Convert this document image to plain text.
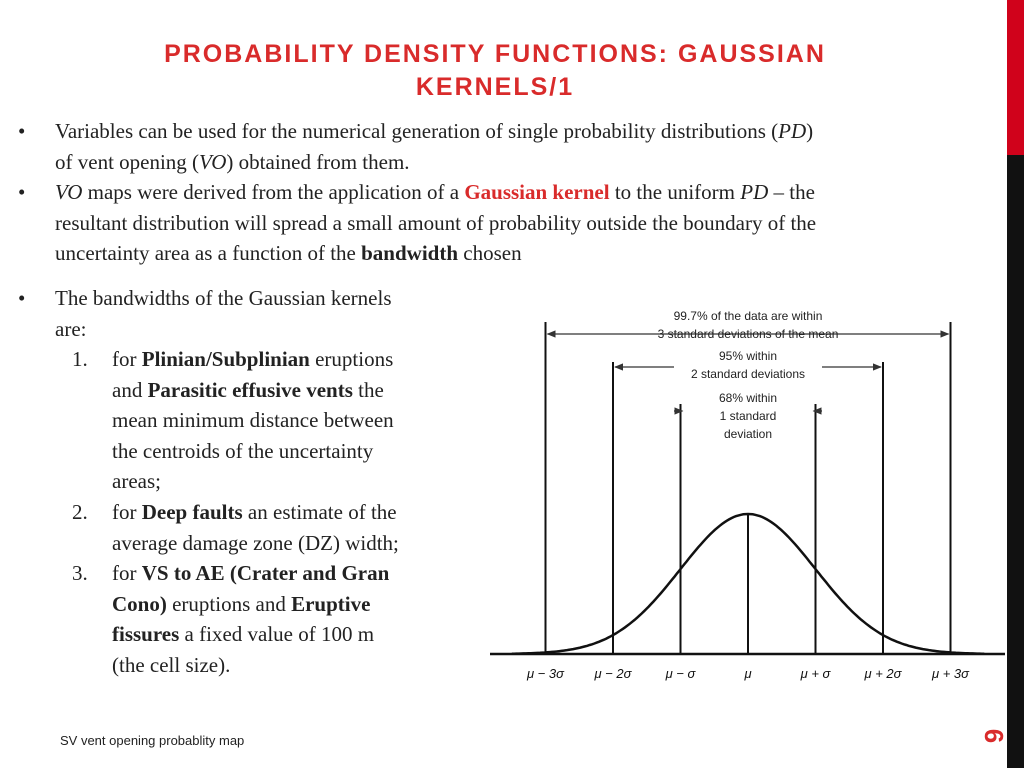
PROBABILITY DENSITY FUNCTIONS: GAUSSIAN
KERNELS/1
• Variables can be used for the numerical generation of single probability distributions (PD)
of vent opening (VO) obtained from them.
• VO maps were derived from the application of a Gaussian kernel to the uniform PD – the
resultant distribution will spread a small amount of probability outside the boundary of the
uncertainty area as a function of the bandwidth chosen
• The bandwidths of the Gaussian kernels
are:
1. for Plinian/Subplinian eruptions
and Parasitic effusive vents the
mean minimum distance between
the centroids of the uncertainty
areas;
2. for Deep faults an estimate of the
average damage zone (DZ) width;
3. for VS to AE (Crater and Gran
Cono) eruptions and Eruptive
fissures a fixed value of 100 m
(the cell size).
99.7% of the data are within
3 standard deviations of the mean
95% within
2 standard deviations
68% within
1 standard
deviation
μ − 3σ μ − 2σ	μ − σ	μ	μ + σ	μ + 2σ μ + 3σ
SV vent opening probablity map	6
